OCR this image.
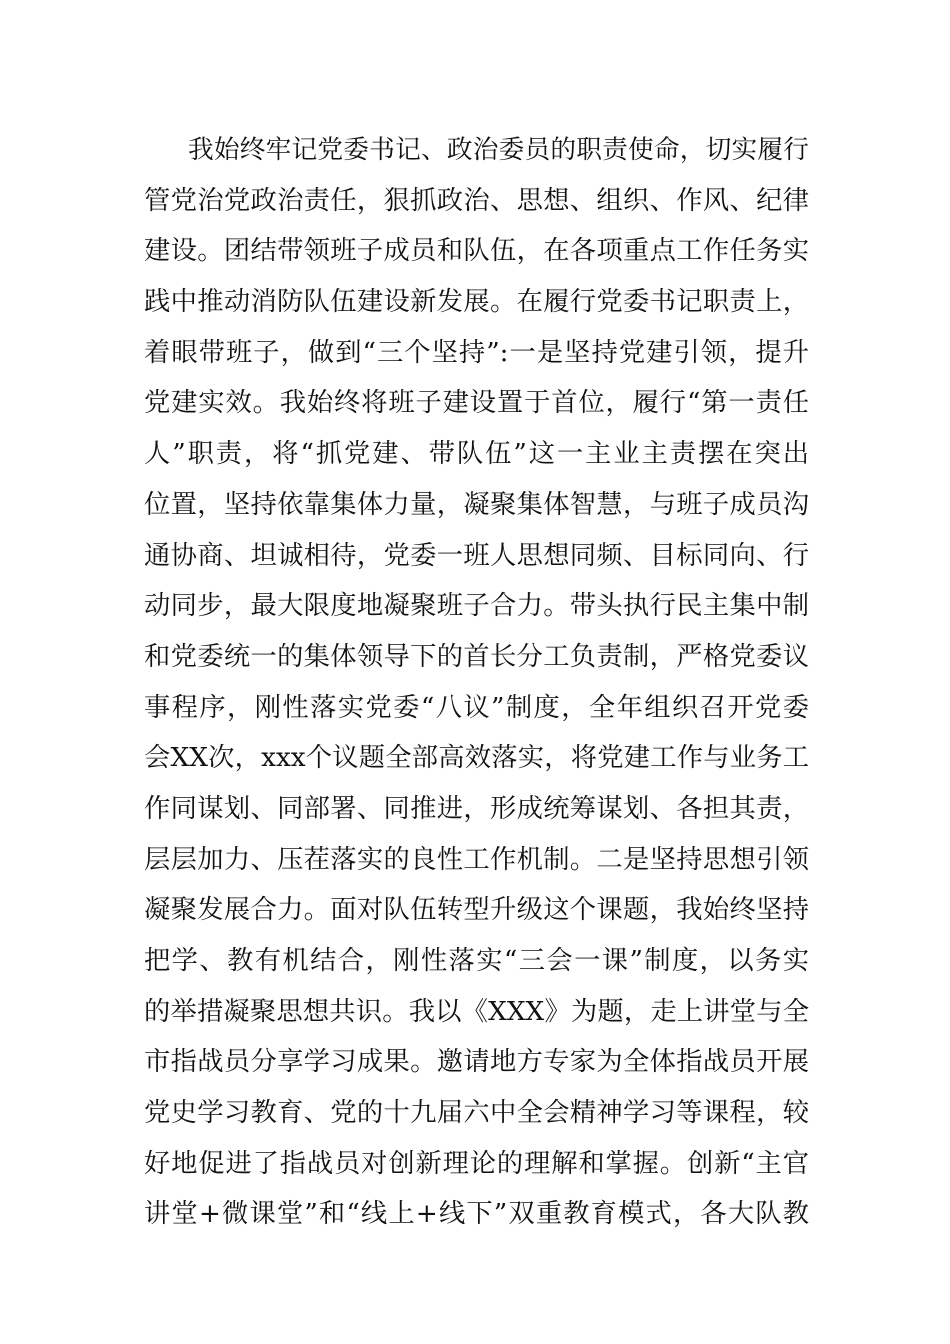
我始终牢记党委书记、政治委员的职责使命，切实履行
管党治党政治责任，狠抓政治、思想、组织、作风、纪律
建设。团结带领班子成员和队伍，在各项重点工作任务实
践中推动消防队伍建设新发展。在履行党委书记职责上，
着眼带班子，做到“三个坚持”:一是坚持党建引领，提升
党建实效。我始终将班子建设置于首位，履行“第一责任
人”职责，将“抓党建、带队伍”这一主业主责摆在突出
位置，坚持依靠集体力量，凝聚集体智慧，与班子成员沟
通协商、坦诚相待，党委一班人思想同频、目标同向、行
动同步，最大限度地凝聚班子合力。带头执行民主集中制
和党委统一的集体领导下的首长分工负责制，严格党委议
事程序，刚性落实党委“八议”制度，全年组织召开党委
会XX次，xxx个议题全部高效落实，将党建工作与业务工
作同谋划、同部署、同推进，形成统筹谋划、各担其责，
层层加力、压茬落实的良性工作机制。二是坚持思想引领
凝聚发展合力。面对队伍转型升级这个课题，我始终坚持
把学、教有机结合，刚性落实“三会一课”制度，以务实
的举措凝聚思想共识。我以《XXX》为题，走上讲堂与全
市指战员分享学习成果。邀请地方专家为全体指战员开展
党史学习教育、党的十九届六中全会精神学习等课程，较
好地促进了指战员对创新理论的理解和掌握。创新“主官
讲堂+微课堂”和“线上+线下”双重教育模式，各大队教
